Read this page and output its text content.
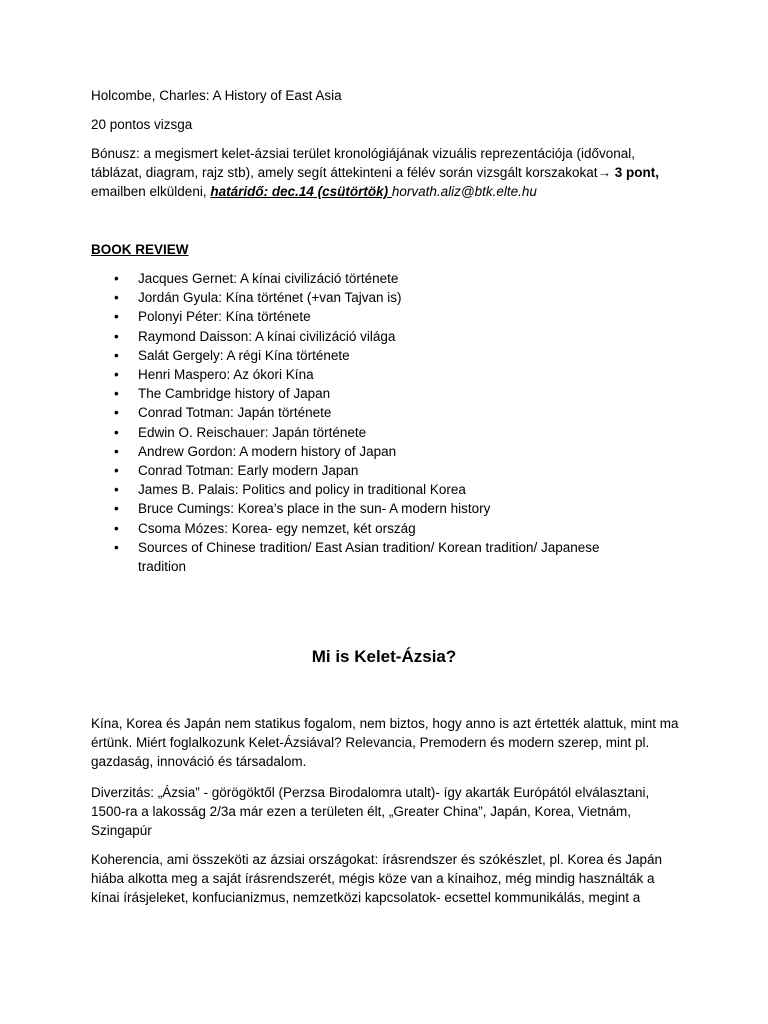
Holcombe, Charles: A History of East Asia

20 pontos vizsga

Bónusz: a megismert kelet-ázsiai terület kronológiájának vizuális reprezentációja (idővonal, táblázat, diagram, rajz stb), amely segít áttekinteni a félév során vizsgált korszakokat→ 3 pont, emailben elküldeni, határidő: dec.14 (csütörtök) horvath.aliz@btk.elte.hu

BOOK REVIEW
• Jacques Gernet: A kínai civilizáció története
• Jordán Gyula: Kína történet (+van Tajvan is)
• Polonyi Péter: Kína története
• Raymond Daisson: A kínai civilizáció világa
• Salát Gergely: A régi Kína története
• Henri Maspero: Az ókori Kína
• The Cambridge history of Japan
• Conrad Totman: Japán története
• Edwin O. Reischauer: Japán története
• Andrew Gordon: A modern history of Japan
• Conrad Totman: Early modern Japan
• James B. Palais: Politics and policy in traditional Korea
• Bruce Cumings: Korea’s place in the sun- A modern history
• Csoma Mózes: Korea- egy nemzet, két ország
• Sources of Chinese tradition/ East Asian tradition/ Korean tradition/ Japanese tradition
Mi is Kelet-Ázsia?

Kína, Korea és Japán nem statikus fogalom, nem biztos, hogy anno is azt értették alattuk, mint ma értünk. Miért foglalkozunk Kelet-Ázsiával? Relevancia, Premodern és modern szerep, mint pl. gazdaság, innováció és társadalom.

Diverzitás: „Ázsia” - görögöktől (Perzsa Birodalomra utalt)- így akarták Európától elválasztani, 1500-ra a lakosság 2/3a már ezen a területen élt, „Greater China”, Japán, Korea, Vietnám, Szingapúr

Koherencia, ami összeköti az ázsiai országokat: írásrendszer és szókészlet, pl. Korea és Japán hiába alkotta meg a saját írásrendszerét, mégis köze van a kínaihoz, még mindig használták a kínai írásjeleket, konfucianizmus, nemzetközi kapcsolatok- ecsettel kommunikálás, megint a
